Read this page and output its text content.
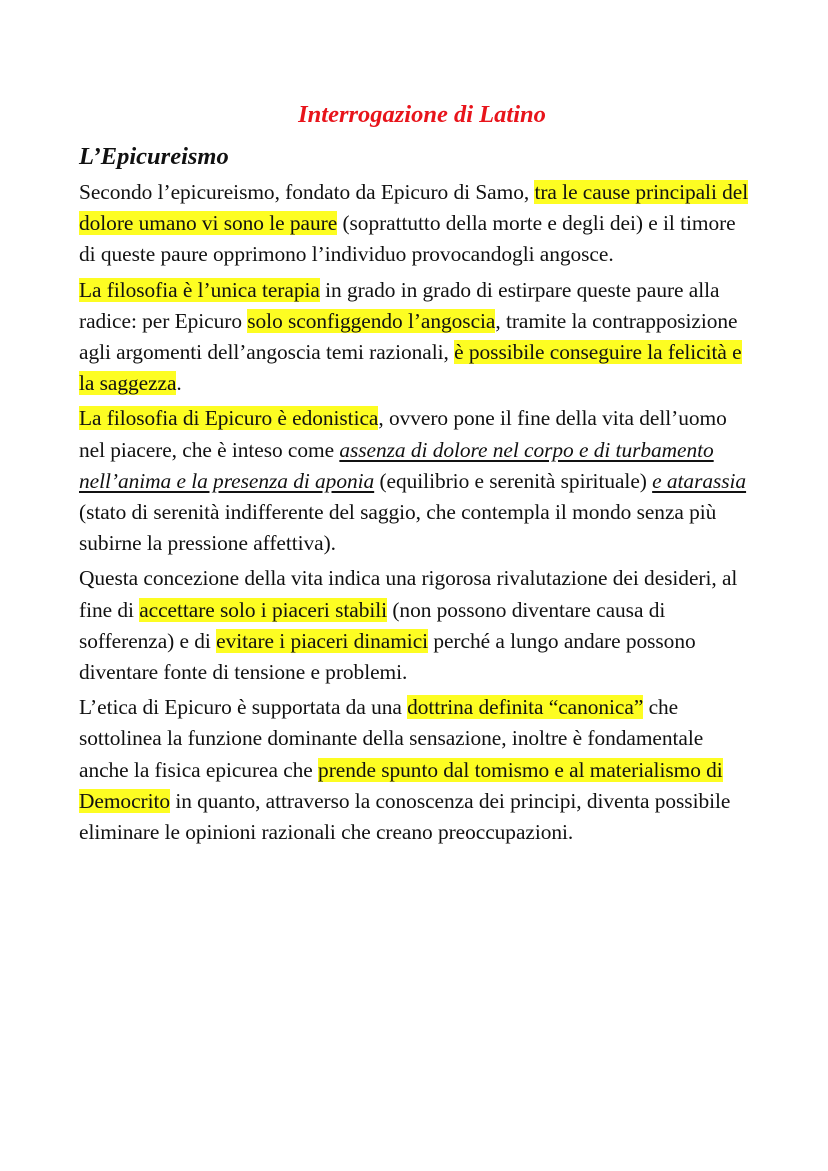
Interrogazione di Latino
L’Epicureismo

Secondo l’epicureismo, fondato da Epicuro di Samo, tra le cause principali del dolore umano vi sono le paure (soprattutto della morte e degli dei) e il timore di queste paure opprimono l’individuo provocandogli angosce.

La filosofia è l’unica terapia in grado in grado di estirpare queste paure alla radice: per Epicuro solo sconfiggendo l’angoscia, tramite la contrapposizione agli argomenti dell’angoscia temi razionali, è possibile conseguire la felicità e la saggezza.

La filosofia di Epicuro è edonistica, ovvero pone il fine della vita dell’uomo nel piacere, che è inteso come assenza di dolore nel corpo e di turbamento nell’anima e la presenza di aponia (equilibrio e serenità spirituale) e atarassia (stato di serenità indifferente del saggio, che contempla il mondo senza più subirne la pressione affettiva).

Questa concezione della vita indica una rigorosa rivalutazione dei desideri, al fine di accettare solo i piaceri stabili (non possono diventare causa di sofferenza) e di evitare i piaceri dinamici perché a lungo andare possono diventare fonte di tensione e problemi.

L’etica di Epicuro è supportata da una dottrina definita “canonica” che sottolinea la funzione dominante della sensazione, inoltre è fondamentale anche la fisica epicurea che prende spunto dal tomismo e al materialismo di Democrito in quanto, attraverso la conoscenza dei principi, diventa possibile eliminare le opinioni razionali che creano preoccupazioni.
